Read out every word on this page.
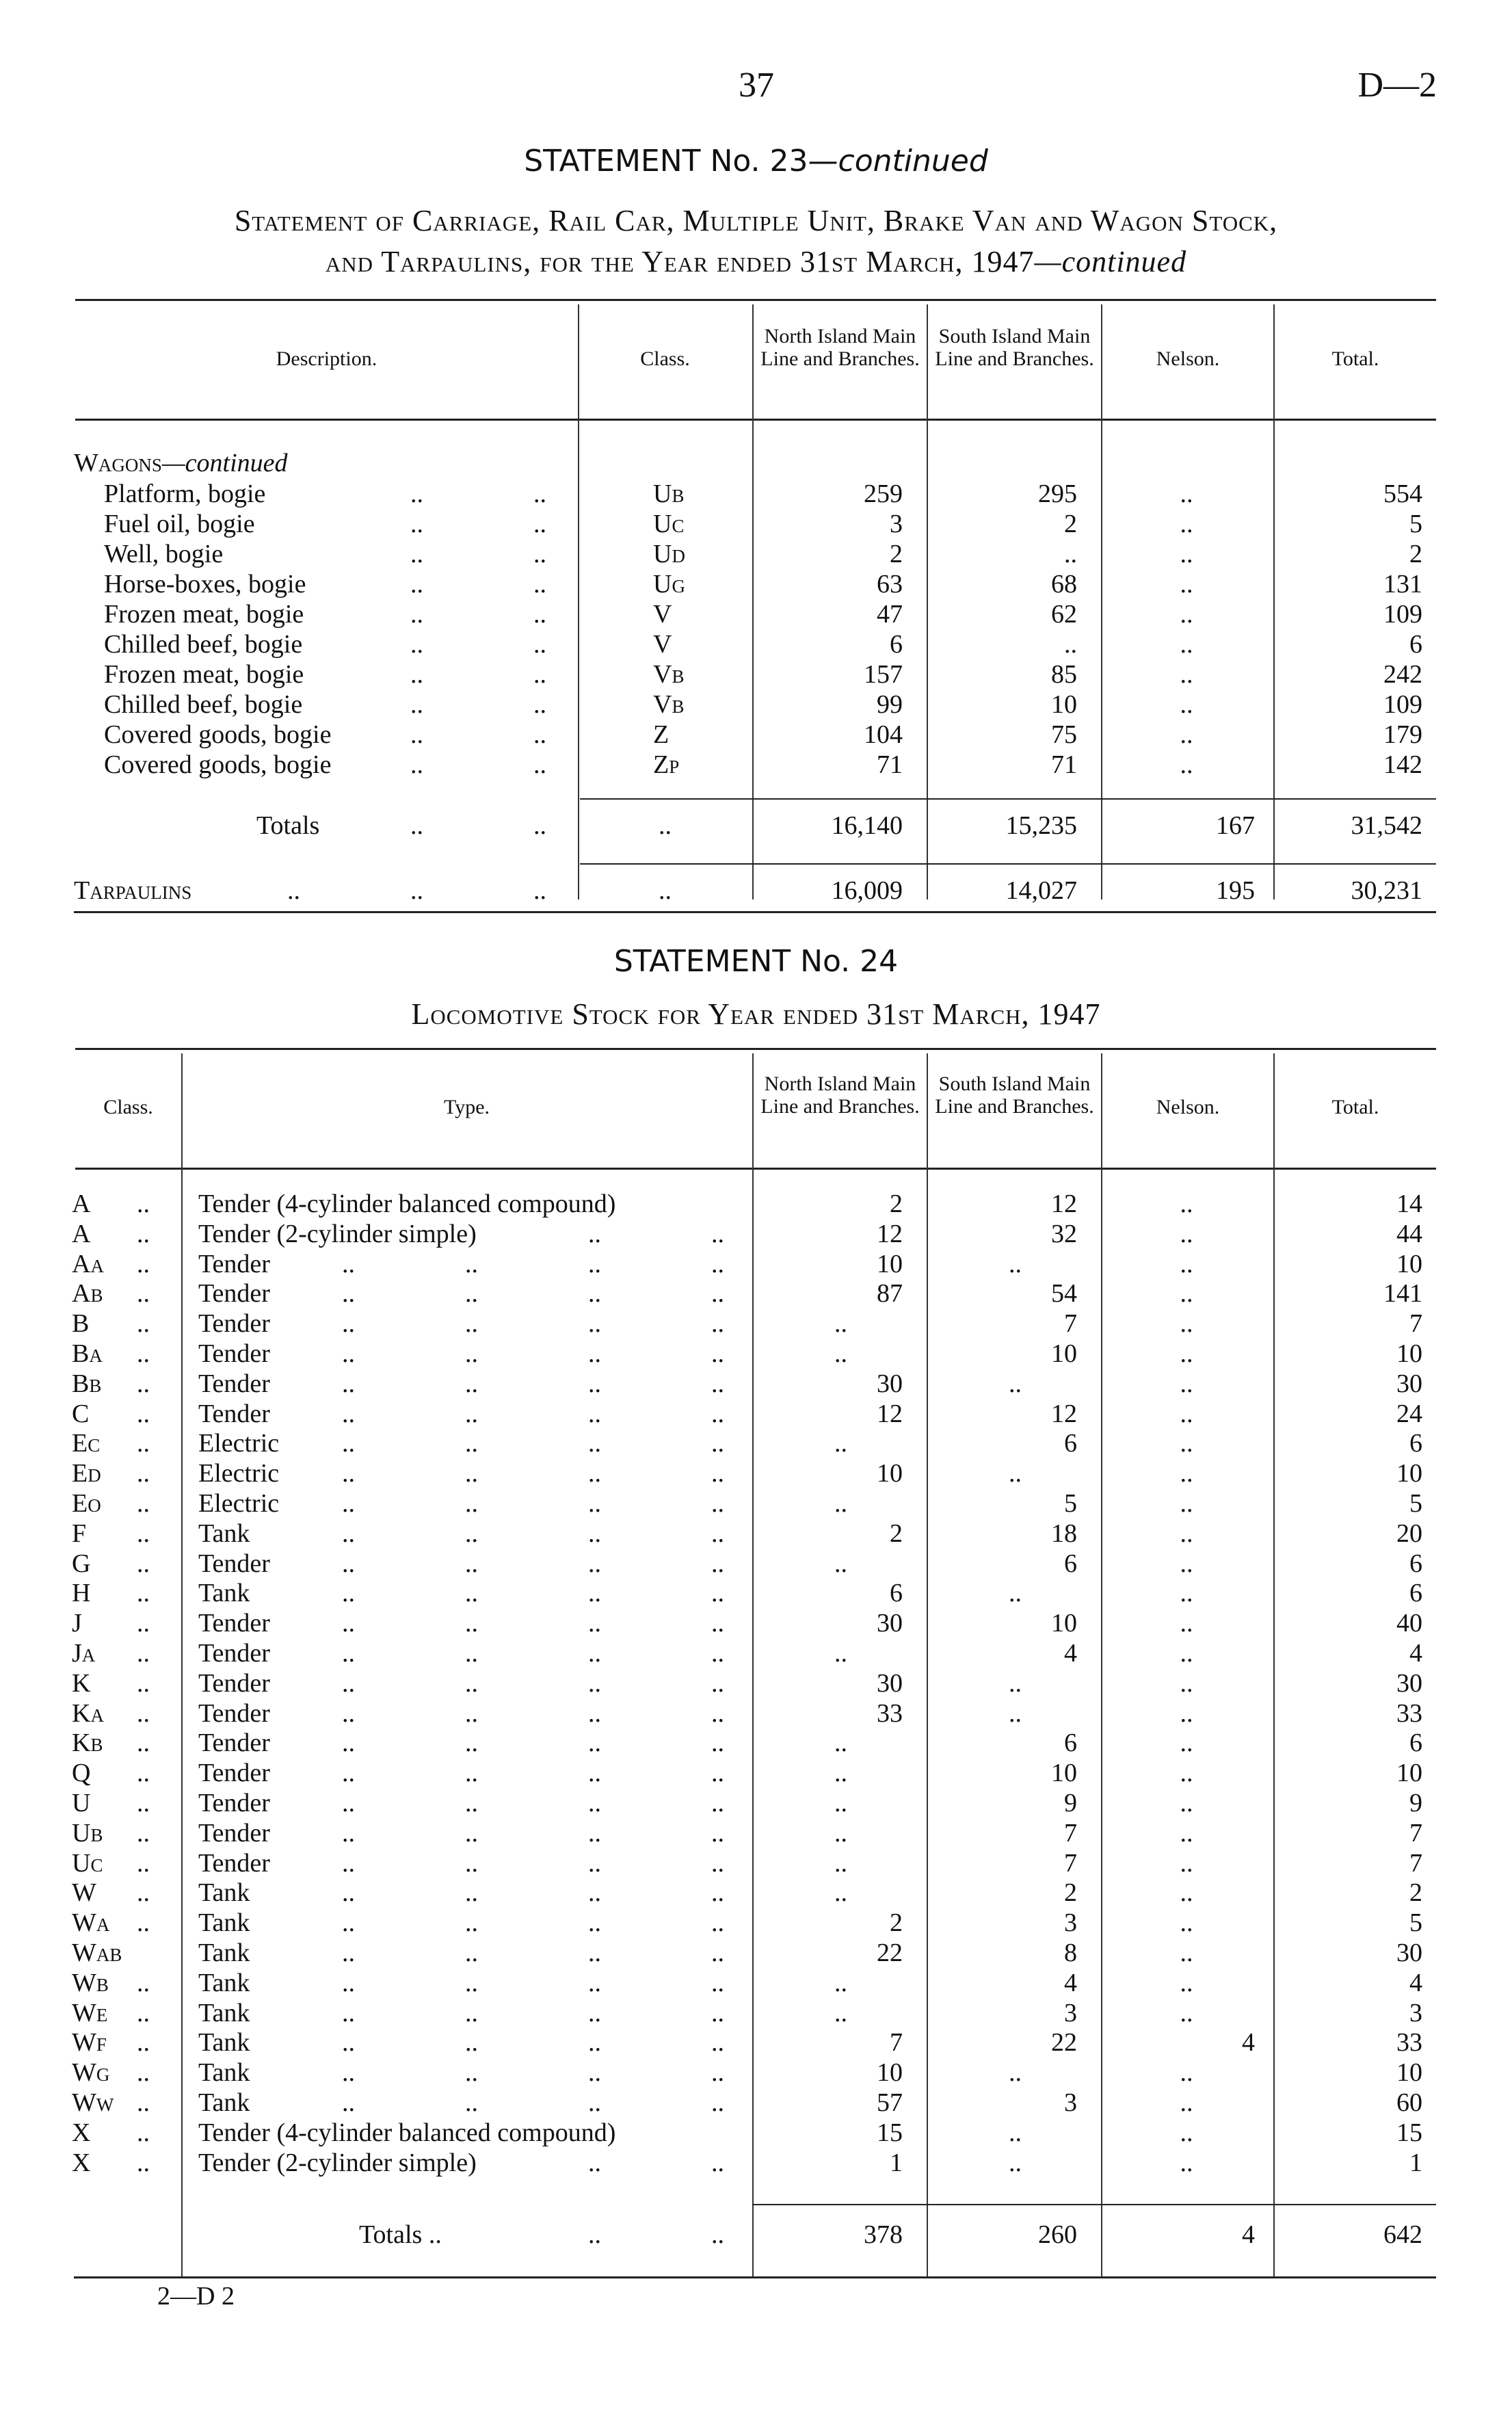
37	D—2
STATEMENT No. 23—continued
Statement of Carriage, Rail Car, Multiple Unit, Brake Van and Wagon Stock,
and Tarpaulins, for the Year ended 31st March, 1947—continued
Description.	Class.
North Island Main Line and Branches.
South Island Main Line and Branches.	Nelson.	Total.
Wagons—continued
Platform, bogie	..	..	UB	259	295	..	554
Fuel oil, bogie	..	..	UC	3	2	..	5
Well, bogie	..	..	UD	2	..	..	2
Horse-boxes, bogie	..	..	UG	63	68	..	131
Frozen meat, bogie	..	..	V	47	62	..	109
Chilled beef, bogie	..	..	V	6	..	..	6
Frozen meat, bogie	..	..	VB	157	85	..	242
Chilled beef, bogie	..	..	VB	99	10	..	109
Covered goods, bogie	..	..	Z	104	75	..	179
Covered goods, bogie	..	..	ZP	71	71	..	142
Totals	..	..	..	16,140	15,235	167	31,542
Tarpaulins	..	..	..	..	16,009	14,027	195	30,231
STATEMENT No. 24
Locomotive Stock for Year ended 31st March, 1947
Class.	Type.
North Island Main Line and Branches.
South Island Main Line and Branches.	Nelson.	Total.
A .. Tender (4-cylinder balanced compound)	2	12	..	14
A .. Tender (2-cylinder simple)	..	..	12	32	..	44
AA .. Tender	..	..	..	..	10	..	..	10
AB .. Tender	..	..	..	..	87	54	..	141
B .. Tender	..	..	..	..	..	7	..	7
BA .. Tender	..	..	..	..	..	10	..	10
BB .. Tender	..	..	..	..	30	..	..	30
C .. Tender	..	..	..	..	12	12	..	24
EC .. Electric ..	..	..	..	..	6	..	6
ED .. Electric ..	..	..	..	10	..	..	10
EO .. Electric ..	..	..	..	..	5	..	5
F .. Tank	..	..	..	..	2	18	..	20
G .. Tender	..	..	..	..	..	6	..	6
H .. Tank	..	..	..	..	6	..	..	6
J .. Tender	..	..	..	..	30	10	..	40
JA .. Tender	..	..	..	..	..	4	..	4
K .. Tender	..	..	..	..	30	..	..	30
KA .. Tender	..	..	..	..	33	..	..	33
KB .. Tender	..	..	..	..	..	6	..	6
Q .. Tender	..	..	..	..	..	10	..	10
U .. Tender	..	..	..	..	..	9	..	9
UB .. Tender	..	..	..	..	..	7	..	7
UC .. Tender	..	..	..	..	..	7	..	7
W .. Tank	..	..	..	..	..	2	..	2
WA .. Tank	..	..	..	..	2	3	..	5
WAB	Tank	..	..	..	..	22	8	..	30
WB .. Tank	..	..	..	..	..	4	..	4
WE .. Tank	..	..	..	..	..	3	..	3
WF .. Tank	..	..	..	..	7	22	4	33
WG .. Tank	..	..	..	..	10	..	..	10
WW .. Tank	..	..	..	..	57	3	..	60
X .. Tender (4-cylinder balanced compound)	15	..	..	15
X .. Tender (2-cylinder simple)	..	..	1	..	..	1
Totals ..	..	..	378	260	4	642
2—D 2
